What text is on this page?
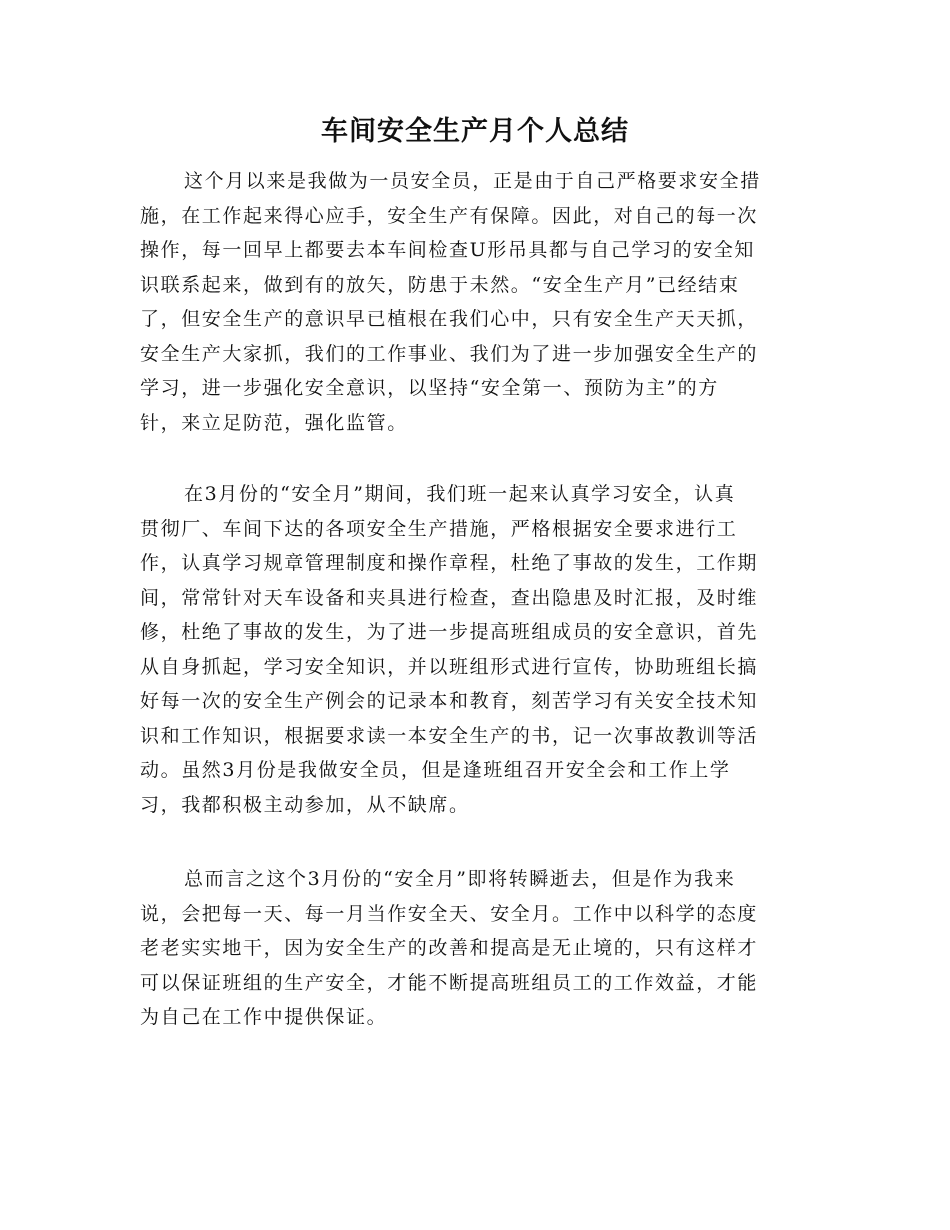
车间安全生产月个人总结

这个月以来是我做为一员安全员，正是由于自己严格要求安全措
施，在工作起来得心应手，安全生产有保障。因此，对自己的每一次
操作，每一回早上都要去本车间检查U形吊具都与自己学习的安全知
识联系起来，做到有的放矢，防患于未然。“安全生产月”已经结束
了，但安全生产的意识早已植根在我们心中，只有安全生产天天抓，
安全生产大家抓，我们的工作事业、我们为了进一步加强安全生产的
学习，进一步强化安全意识，以坚持“安全第一、预防为主”的方
针，来立足防范，强化监管。

在3月份的“安全月”期间，我们班一起来认真学习安全，认真
贯彻厂、车间下达的各项安全生产措施，严格根据安全要求进行工
作，认真学习规章管理制度和操作章程，杜绝了事故的发生，工作期
间，常常针对天车设备和夹具进行检查，查出隐患及时汇报，及时维
修，杜绝了事故的发生，为了进一步提高班组成员的安全意识，首先
从自身抓起，学习安全知识，并以班组形式进行宣传，协助班组长搞
好每一次的安全生产例会的记录本和教育，刻苦学习有关安全技术知
识和工作知识，根据要求读一本安全生产的书，记一次事故教训等活
动。虽然3月份是我做安全员，但是逢班组召开安全会和工作上学
习，我都积极主动参加，从不缺席。

总而言之这个3月份的“安全月”即将转瞬逝去，但是作为我来
说，会把每一天、每一月当作安全天、安全月。工作中以科学的态度
老老实实地干，因为安全生产的改善和提高是无止境的，只有这样才
可以保证班组的生产安全，才能不断提高班组员工的工作效益，才能
为自己在工作中提供保证。
